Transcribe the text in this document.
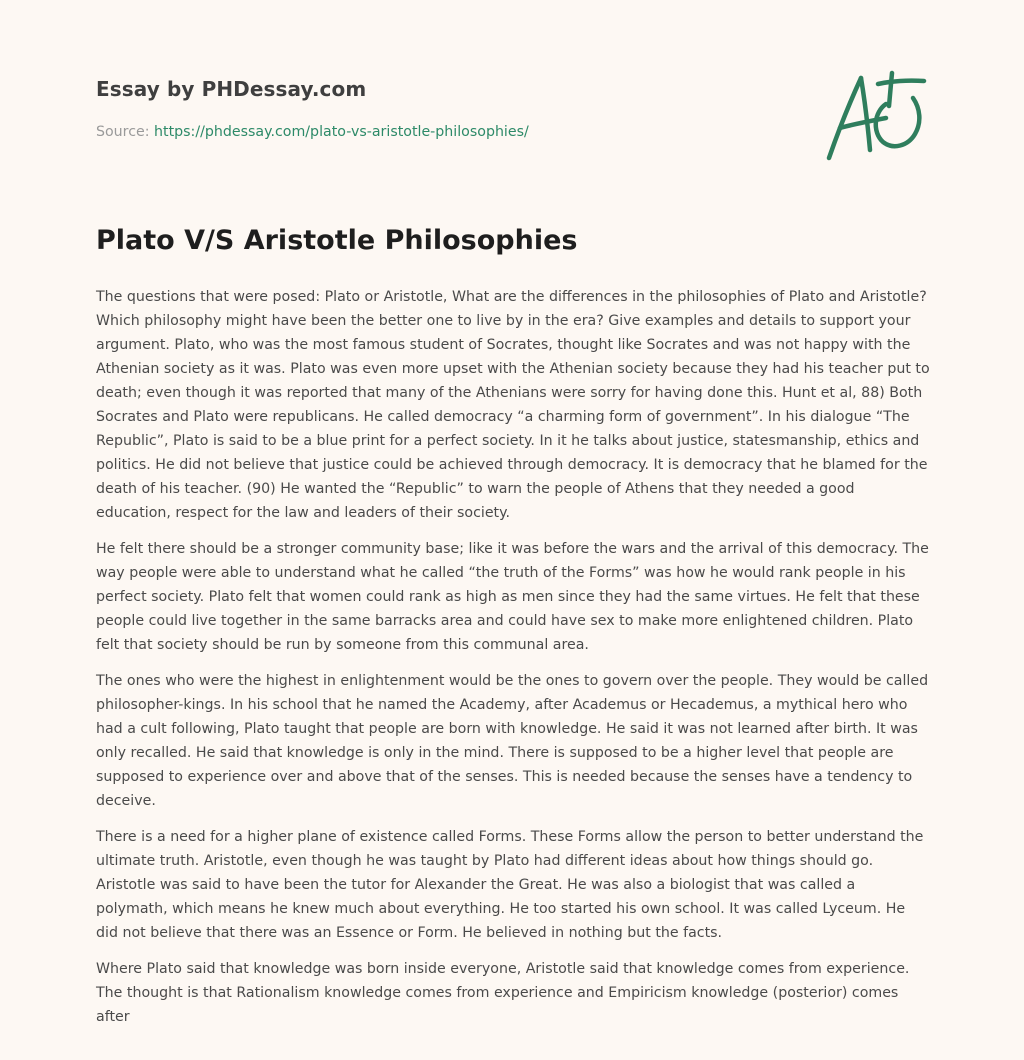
Essay by PHDessay.com
Source: https://phdessay.com/plato-vs-aristotle-philosophies/
Plato V/S Aristotle Philosophies

The questions that were posed: Plato or Aristotle, What are the differences in the philosophies of Plato and Aristotle? Which philosophy might have been the better one to live by in the era? Give examples and details to support your argument. Plato, who was the most famous student of Socrates, thought like Socrates and was not happy with the Athenian society as it was. Plato was even more upset with the Athenian society because they had his teacher put to death; even though it was reported that many of the Athenians were sorry for having done this. Hunt et al, 88) Both Socrates and Plato were republicans. He called democracy “a charming form of government”. In his dialogue “The Republic”, Plato is said to be a blue print for a perfect society. In it he talks about justice, statesmanship, ethics and politics. He did not believe that justice could be achieved through democracy. It is democracy that he blamed for the death of his teacher. (90) He wanted the “Republic” to warn the people of Athens that they needed a good education, respect for the law and leaders of their society.

He felt there should be a stronger community base; like it was before the wars and the arrival of this democracy. The way people were able to understand what he called “the truth of the Forms” was how he would rank people in his perfect society. Plato felt that women could rank as high as men since they had the same virtues. He felt that these people could live together in the same barracks area and could have sex to make more enlightened children. Plato felt that society should be run by someone from this communal area.

The ones who were the highest in enlightenment would be the ones to govern over the people. They would be called philosopher-kings. In his school that he named the Academy, after Academus or Hecademus, a mythical hero who had a cult following, Plato taught that people are born with knowledge. He said it was not learned after birth. It was only recalled. He said that knowledge is only in the mind. There is supposed to be a higher level that people are supposed to experience over and above that of the senses. This is needed because the senses have a tendency to deceive.

There is a need for a higher plane of existence called Forms. These Forms allow the person to better understand the ultimate truth. Aristotle, even though he was taught by Plato had different ideas about how things should go. Aristotle was said to have been the tutor for Alexander the Great. He was also a biologist that was called a polymath, which means he knew much about everything. He too started his own school. It was called Lyceum. He did not believe that there was an Essence or Form. He believed in nothing but the facts.

Where Plato said that knowledge was born inside everyone, Aristotle said that knowledge comes from experience. The thought is that Rationalism knowledge comes from experience and Empiricism knowledge (posterior) comes after
